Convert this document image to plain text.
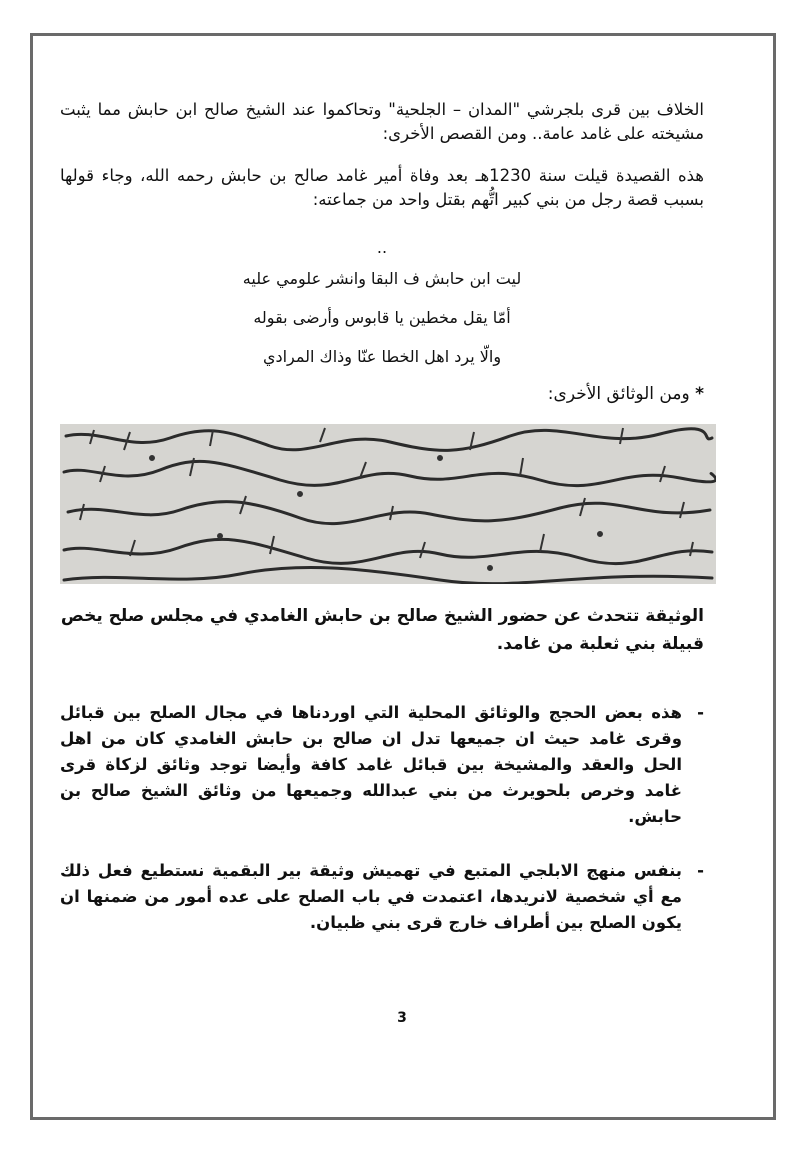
الخلاف بين قرى بلجرشي "المدان – الجلحية" وتحاكموا عند الشيخ صالح ابن حابش مما يثبت مشيخته على غامد عامة.. ومن القصص الأخرى:

هذه القصيدة قيلت سنة 1230هـ بعد وفاة أمير غامد صالح بن حابش رحمه الله، وجاء قولها بسبب قصة رجل من بني كبير اتُّهم بقتل واحد من جماعته:

..
ليت ابن حابش ف البقا وانشر علومي عليه
أمّا يقل مخطين يا قابوس وأرضى بقوله
والّا يرد اهل الخطا عنّا وذاك المرادي
* ومن الوثائق الأخرى:

الوثيقة تتحدث عن حضور الشيخ صالح بن حابش الغامدي في مجلس صلح يخص قبيلة بني ثعلبة من غامد.

-
هذه بعض الحجج والوثائق المحلية التي اوردناها في مجال الصلح بين قبائل وقرى غامد حيث ان جميعها تدل ان صالح بن حابش الغامدي كان من اهل الحل والعقد والمشيخة بين قبائل غامد كافة وأيضا توجد وثائق لزكاة قرى غامد وخرص بلحويرث من بني عبدالله وجميعها من وثائق الشيخ صالح بن حابش.
-
بنفس منهج الابلجي المتبع في تهميش وثيقة بير البقمية نستطيع فعل ذلك مع أي شخصية لانريدها، اعتمدت في باب الصلح على عده أمور من ضمنها ان يكون الصلح بين أطراف خارج قرى بني ظبيان.
3
